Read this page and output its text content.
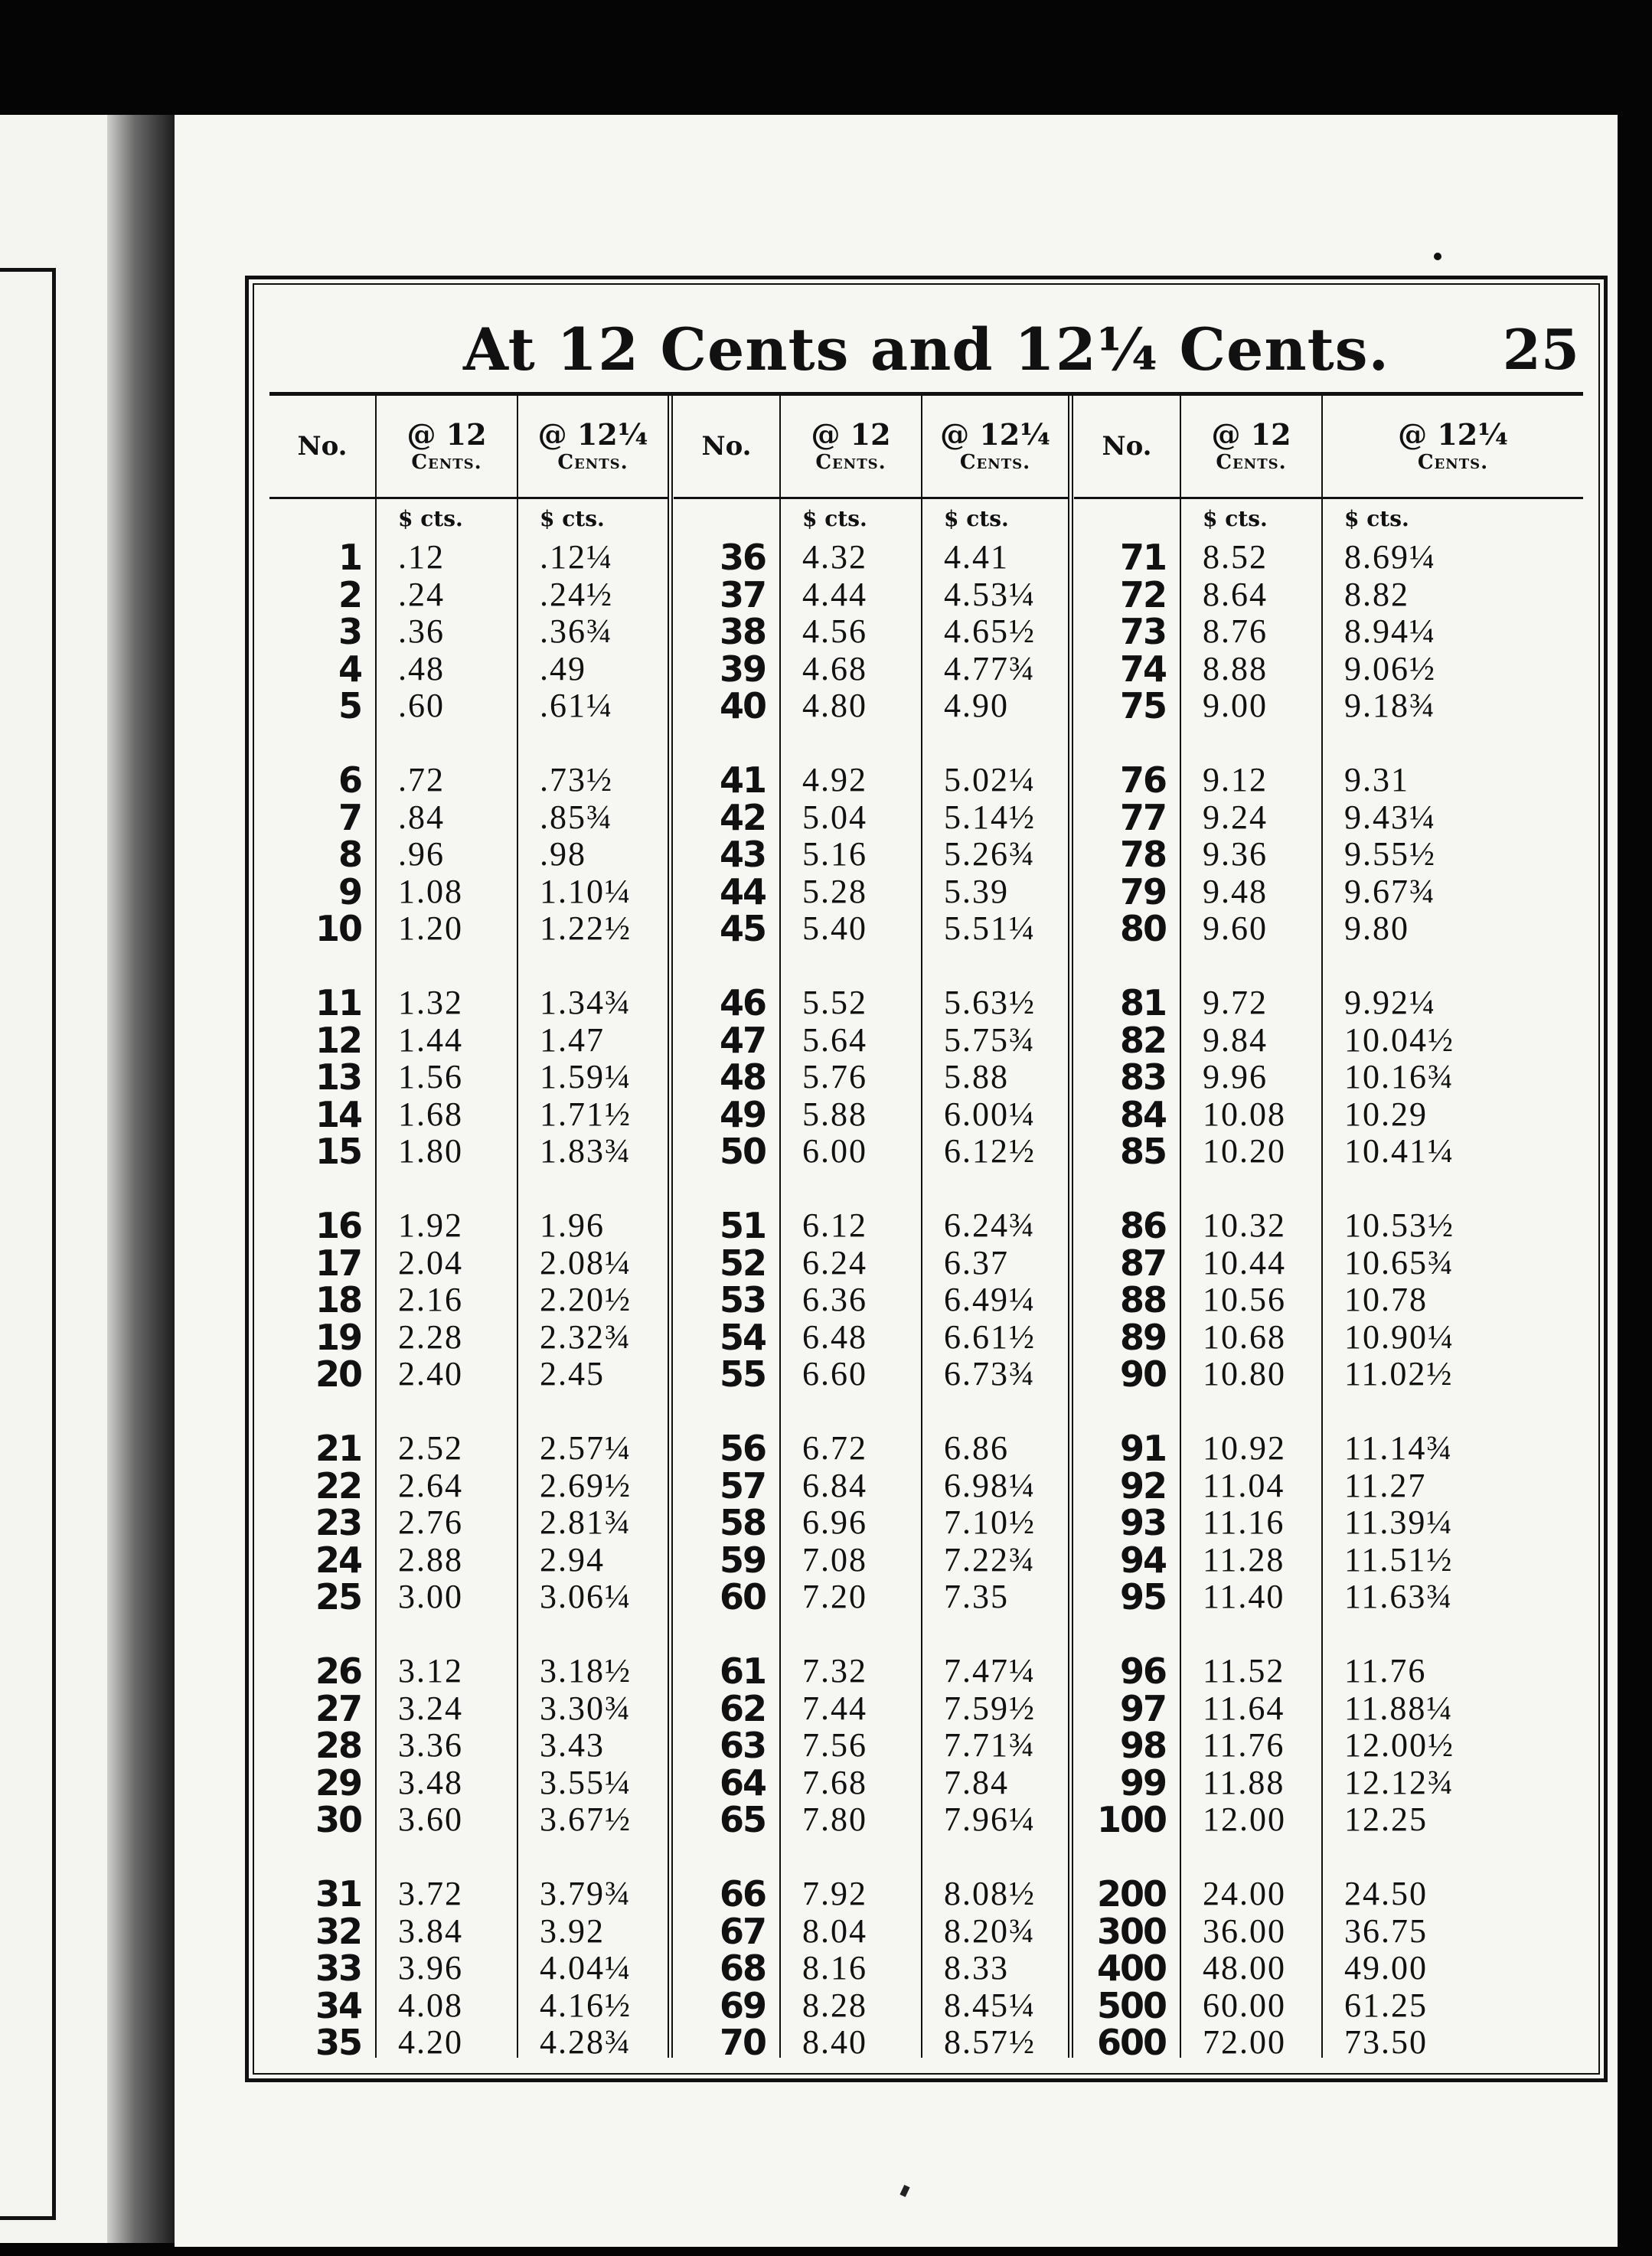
At 12 Cents and 12¼ Cents.	25
No.
1
2
3
4
5
6
7
8
9
10
11
12
13
14
15
16
17
18
19
20
21
22
23
24
25
26
27
28
29
30
31
32
33
34
35
@ 12
Cents.
$ cts.
.12
.24
.36
.48
.60
.72
.84
.96
1.08
1.20
1.32
1.44
1.56
1.68
1.80
1.92
2.04
2.16
2.28
2.40
2.52
2.64
2.76
2.88
3.00
3.12
3.24
3.36
3.48
3.60
3.72
3.84
3.96
4.08
4.20
@ 12¼
Cents.
$ cts.
.12¼
.24½
.36¾
.49
.61¼
.73½
.85¾
.98
1.10¼
1.22½
1.34¾
1.47
1.59¼
1.71½
1.83¾
1.96
2.08¼
2.20½
2.32¾
2.45
2.57¼
2.69½
2.81¾
2.94
3.06¼
3.18½
3.30¾
3.43
3.55¼
3.67½
3.79¾
3.92
4.04¼
4.16½
4.28¾
No.
36
37
38
39
40
41
42
43
44
45
46
47
48
49
50
51
52
53
54
55
56
57
58
59
60
61
62
63
64
65
66
67
68
69
70
@ 12
Cents.
$ cts.
4.32
4.44
4.56
4.68
4.80
4.92
5.04
5.16
5.28
5.40
5.52
5.64
5.76
5.88
6.00
6.12
6.24
6.36
6.48
6.60
6.72
6.84
6.96
7.08
7.20
7.32
7.44
7.56
7.68
7.80
7.92
8.04
8.16
8.28
8.40
@ 12¼
Cents.
$ cts.
4.41
4.53¼
4.65½
4.77¾
4.90
5.02¼
5.14½
5.26¾
5.39
5.51¼
5.63½
5.75¾
5.88
6.00¼
6.12½
6.24¾
6.37
6.49¼
6.61½
6.73¾
6.86
6.98¼
7.10½
7.22¾
7.35
7.47¼
7.59½
7.71¾
7.84
7.96¼
8.08½
8.20¾
8.33
8.45¼
8.57½
No.
71
72
73
74
75
76
77
78
79
80
81
82
83
84
85
86
87
88
89
90
91
92
93
94
95
96
97
98
99
100
200
300
400
500
600
@ 12
Cents.
$ cts.
8.52
8.64
8.76
8.88
9.00
9.12
9.24
9.36
9.48
9.60
9.72
9.84
9.96
10.08
10.20
10.32
10.44
10.56
10.68
10.80
10.92
11.04
11.16
11.28
11.40
11.52
11.64
11.76
11.88
12.00
24.00
36.00
48.00
60.00
72.00
@ 12¼
Cents.
$ cts.
8.69¼
8.82
8.94¼
9.06½
9.18¾
9.31
9.43¼
9.55½
9.67¾
9.80
9.92¼
10.04½
10.16¾
10.29
10.41¼
10.53½
10.65¾
10.78
10.90¼
11.02½
11.14¾
11.27
11.39¼
11.51½
11.63¾
11.76
11.88¼
12.00½
12.12¾
12.25
24.50
36.75
49.00
61.25
73.50
